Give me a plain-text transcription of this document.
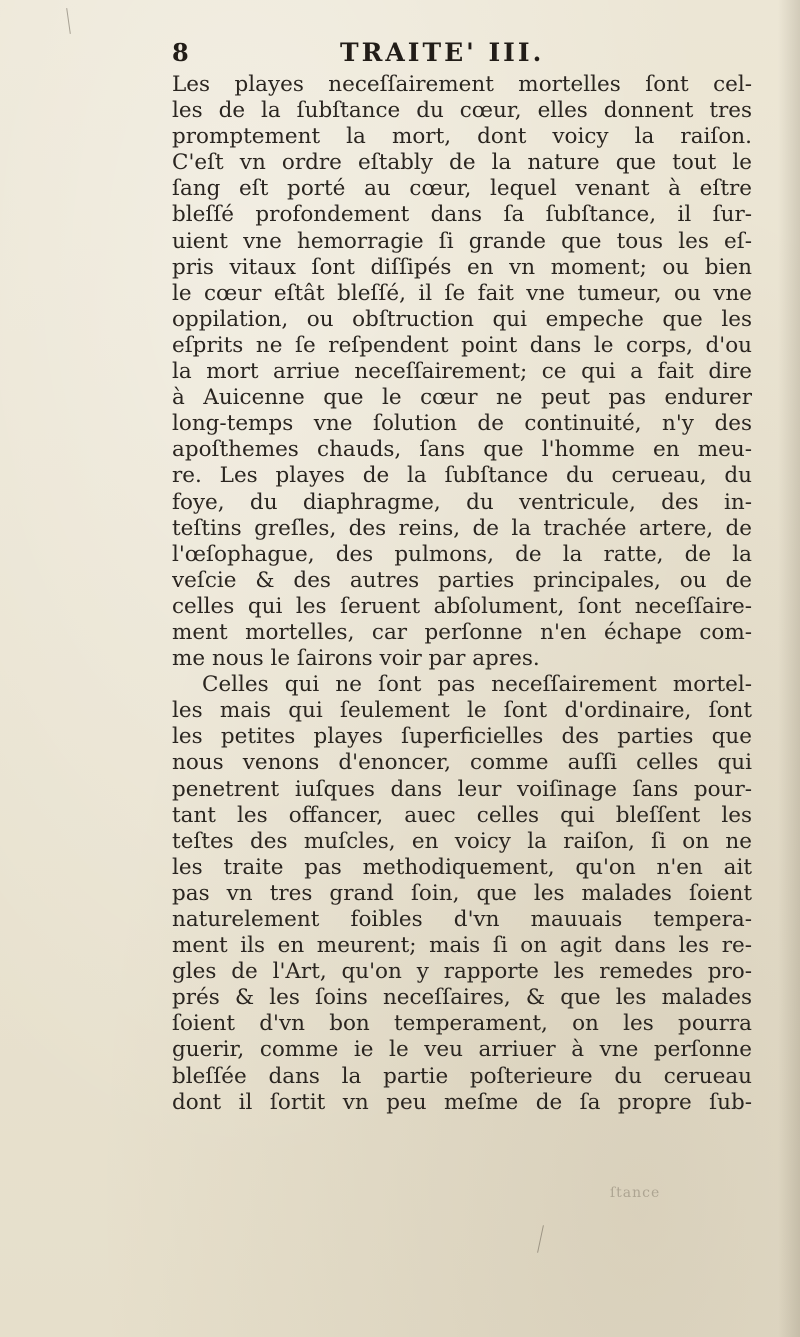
8	TRAITE' III.
Les playes neceſſairement mortelles ſont cel-
les de la ſubſtance du cœur, elles donnent tres
promptement la mort, dont voicy la raiſon.
C'eſt vn ordre eſtably de la nature que tout le
ſang eſt porté au cœur, lequel venant à eſtre
bleſſé profondement dans ſa ſubſtance, il ſur-
uient vne hemorragie ſi grande que tous les eſ-
pris vitaux ſont diſſipés en vn moment; ou bien
le cœur eſtât bleſſé, il ſe fait vne tumeur, ou vne
oppilation, ou obſtruction qui empeche que les
eſprits ne ſe reſpendent point dans le corps, d'ou
la mort arriue neceſſairement; ce qui a fait dire
à Auicenne que le cœur ne peut pas endurer
long-temps vne ſolution de continuité, n'y des
apoſthemes chauds, ſans que l'homme en meu-
re. Les playes de la ſubſtance du cerueau, du
foye, du diaphragme, du ventricule, des in-
teſtins greſles, des reins, de la trachée artere, de
l'œſophague, des pulmons, de la ratte, de la
veſcie & des autres parties principales, ou de
celles qui les ſeruent abſolument, ſont neceſſaire-
ment mortelles, car perſonne n'en échape com-
me nous le ſairons voir par apres.
Celles qui ne ſont pas neceſſairement mortel-
les mais qui ſeulement le ſont d'ordinaire, ſont
les petites playes ſuperficielles des parties que
nous venons d'enoncer, comme auſſi celles qui
penetrent iuſques dans leur voiſinage ſans pour-
tant les offancer, auec celles qui bleſſent les
teſtes des muſcles, en voicy la raiſon, ſi on ne
les traite pas methodiquement, qu'on n'en ait
pas vn tres grand ſoin, que les malades ſoient
naturelement foibles d'vn mauuais tempera-
ment ils en meurent; mais ſi on agit dans les re-
gles de l'Art, qu'on y rapporte les remedes pro-
prés & les ſoins neceſſaires, & que les malades
ſoient d'vn bon temperament, on les pourra
guerir, comme ie le veu arriuer à vne perſonne
bleſſée dans la partie poſterieure du cerueau
dont il ſortit vn peu meſme de ſa propre ſub-
ſtance
